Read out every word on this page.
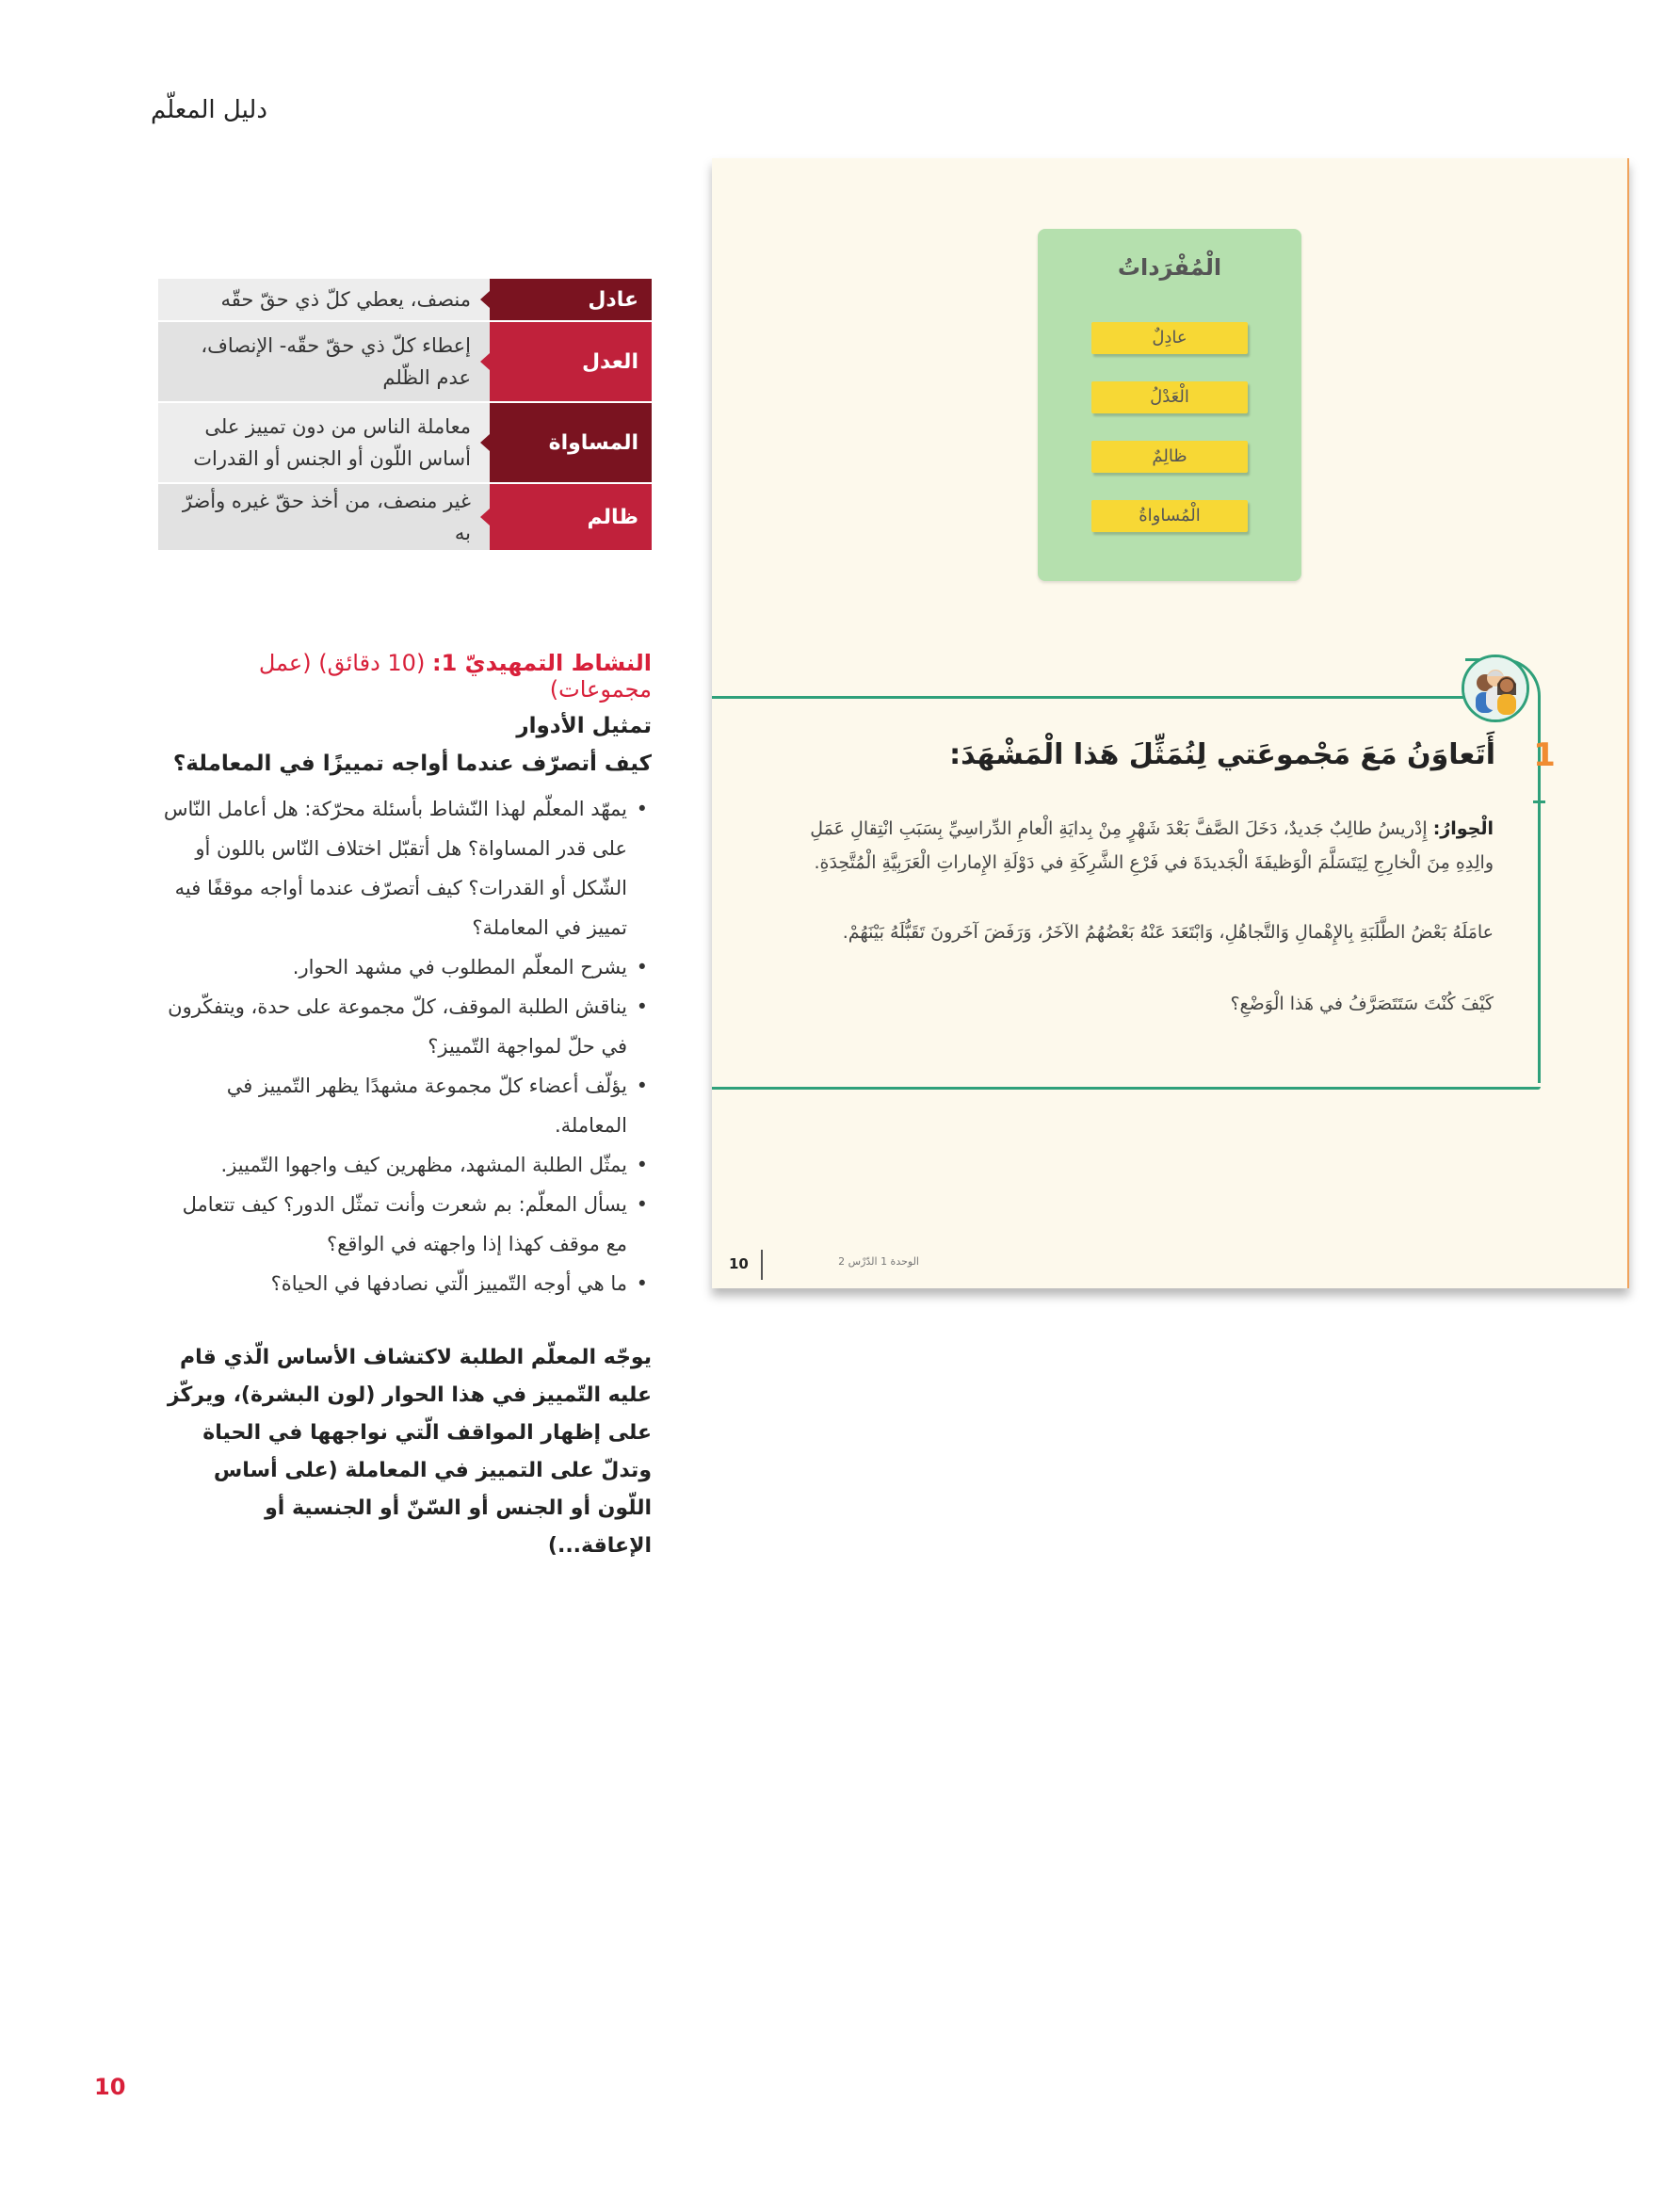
دليل المعلّم
عادل
منصف، يعطي كلّ ذي حقّ حقّه
العدل
إعطاء كلّ ذي حقّ حقّه- الإنصاف، عدم الظّلم
المساواة
معاملة الناس من دون تمييز على أساس اللّون أو الجنس أو القدرات
ظالم
غير منصف، من أخذ حقّ غيره وأضرّ به
النشاط التمهيديّ 1: (10 دقائق) (عمل مجموعات)
تمثيل الأدوار
كيف أتصرّف عندما أواجه تمييزًا في المعاملة؟
• يمهّد المعلّم لهذا النّشاط بأسئلة محرّكة: هل أعامل النّاس على قدر المساواة؟ هل أتقبّل اختلاف النّاس باللون أو الشّكل أو القدرات؟ كيف أتصرّف عندما أواجه موقفًا فيه تمييز في المعاملة؟
• يشرح المعلّم المطلوب في مشهد الحوار.
• يناقش الطلبة الموقف، كلّ مجموعة على حدة، ويتفكّرون في حلّ لمواجهة التّمييز؟
• يؤلّف أعضاء كلّ مجموعة مشهدًا يظهر التّمييز في المعاملة.
• يمثّل الطلبة المشهد، مظهرين كيف واجهوا التّمييز.
• يسأل المعلّم: بم شعرت وأنت تمثّل الدور؟ كيف تتعامل مع موقف كهذا إذا واجهته في الواقع؟
• ما هي أوجه التّمييز الّتي نصادفها في الحياة؟
يوجّه المعلّم الطلبة لاكتشاف الأساس الّذي قام عليه التّمييز في هذا الحوار (لون البشرة)، ويركّز على إظهار المواقف الّتي نواجهها في الحياة وتدلّ على التمييز في المعاملة (على أساس اللّون أو الجنس أو السّنّ أو الجنسية أو الإعاقة...)
10
الْمُفْرَداتُ
عادِلٌ
الْعَدْلُ
ظالِمٌ
الْمُساواةُ
1
أَتَعاوَنُ مَعَ مَجْموعَتي لِنُمَثِّلَ هَذا الْمَشْهَدَ:
الْحِوارُ: إِدْريسُ طالِبٌ جَديدٌ، دَخَلَ الصَّفَّ بَعْدَ شَهْرٍ مِنْ بِدايَةِ الْعامِ الدِّراسِيِّ بِسَبَبِ انْتِقالِ عَمَلِ والِدِهِ مِنَ الْخارِجِ لِيَتَسَلَّمَ الْوَظيفَةَ الْجَديدَةَ في فَرْعِ الشَّرِكَةِ في دَوْلَةِ الإِماراتِ الْعَرَبِيَّةِ الْمُتَّحِدَةِ.
عامَلَهُ بَعْضُ الطَّلَبَةِ بِالإِهْمالِ وَالتَّجاهُلِ، وَابْتَعَدَ عَنْهُ بَعْضُهُمُ الآخَرُ، وَرَفَضَ آخَرونَ تَقَبُّلَهُ بَيْنَهُمْ.
كَيْفَ كُنْتَ سَتَتَصَرَّفُ في هَذا الْوَضْعِ؟
10	الوحدة 1 الدّرْس 2
